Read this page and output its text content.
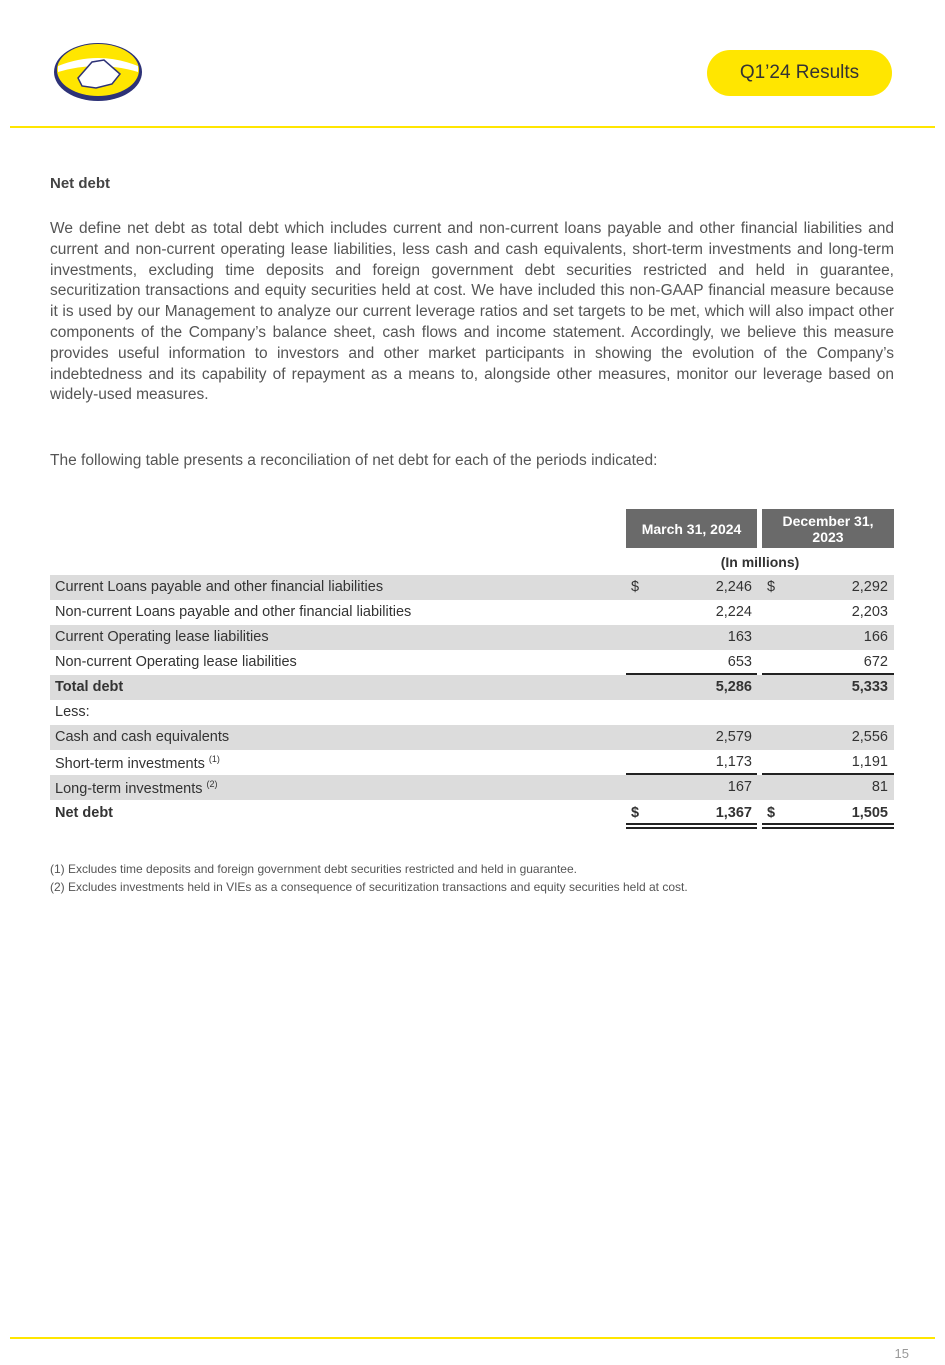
Q1’24 Results
Net debt

We define net debt as total debt which includes current and non-current loans payable and other financial liabilities and current and non-current operating lease liabilities, less cash and cash equivalents, short-term investments and long-term investments, excluding time deposits and foreign government debt securities restricted and held in guarantee, securitization transactions and equity securities held at cost. We have included this non-GAAP financial measure because it is used by our Management to analyze our current leverage ratios and set targets to be met, which will also impact other components of the Company’s balance sheet, cash flows and income statement. Accordingly, we believe this measure provides useful information to investors and other market participants in showing the evolution of the Company’s indebtedness and its capability of repayment as a means to, alongside other measures, monitor our leverage based on widely-used measures.

The following table presents a reconciliation of net debt for each of the periods indicated:

March 31, 2024	December 31, 2023
(In millions)
Current Loans payable and other financial liabilities	$	2,246 $	2,292
Non-current Loans payable and other financial liabilities	2,224	2,203
Current Operating lease liabilities	163	166
Non-current Operating lease liabilities	653	672
Total debt	5,286	5,333
Less:
Cash and cash equivalents	2,579	2,556
Short-term investments $^{(1)}$	1,173	1,191
Long-term investments $^{(2)}$	167	81
Net debt	$	1,367 $	1,505
(1) Excludes time deposits and foreign government debt securities restricted and held in guarantee.
(2) Excludes investments held in VIEs as a consequence of securitization transactions and equity securities held at cost.
15
